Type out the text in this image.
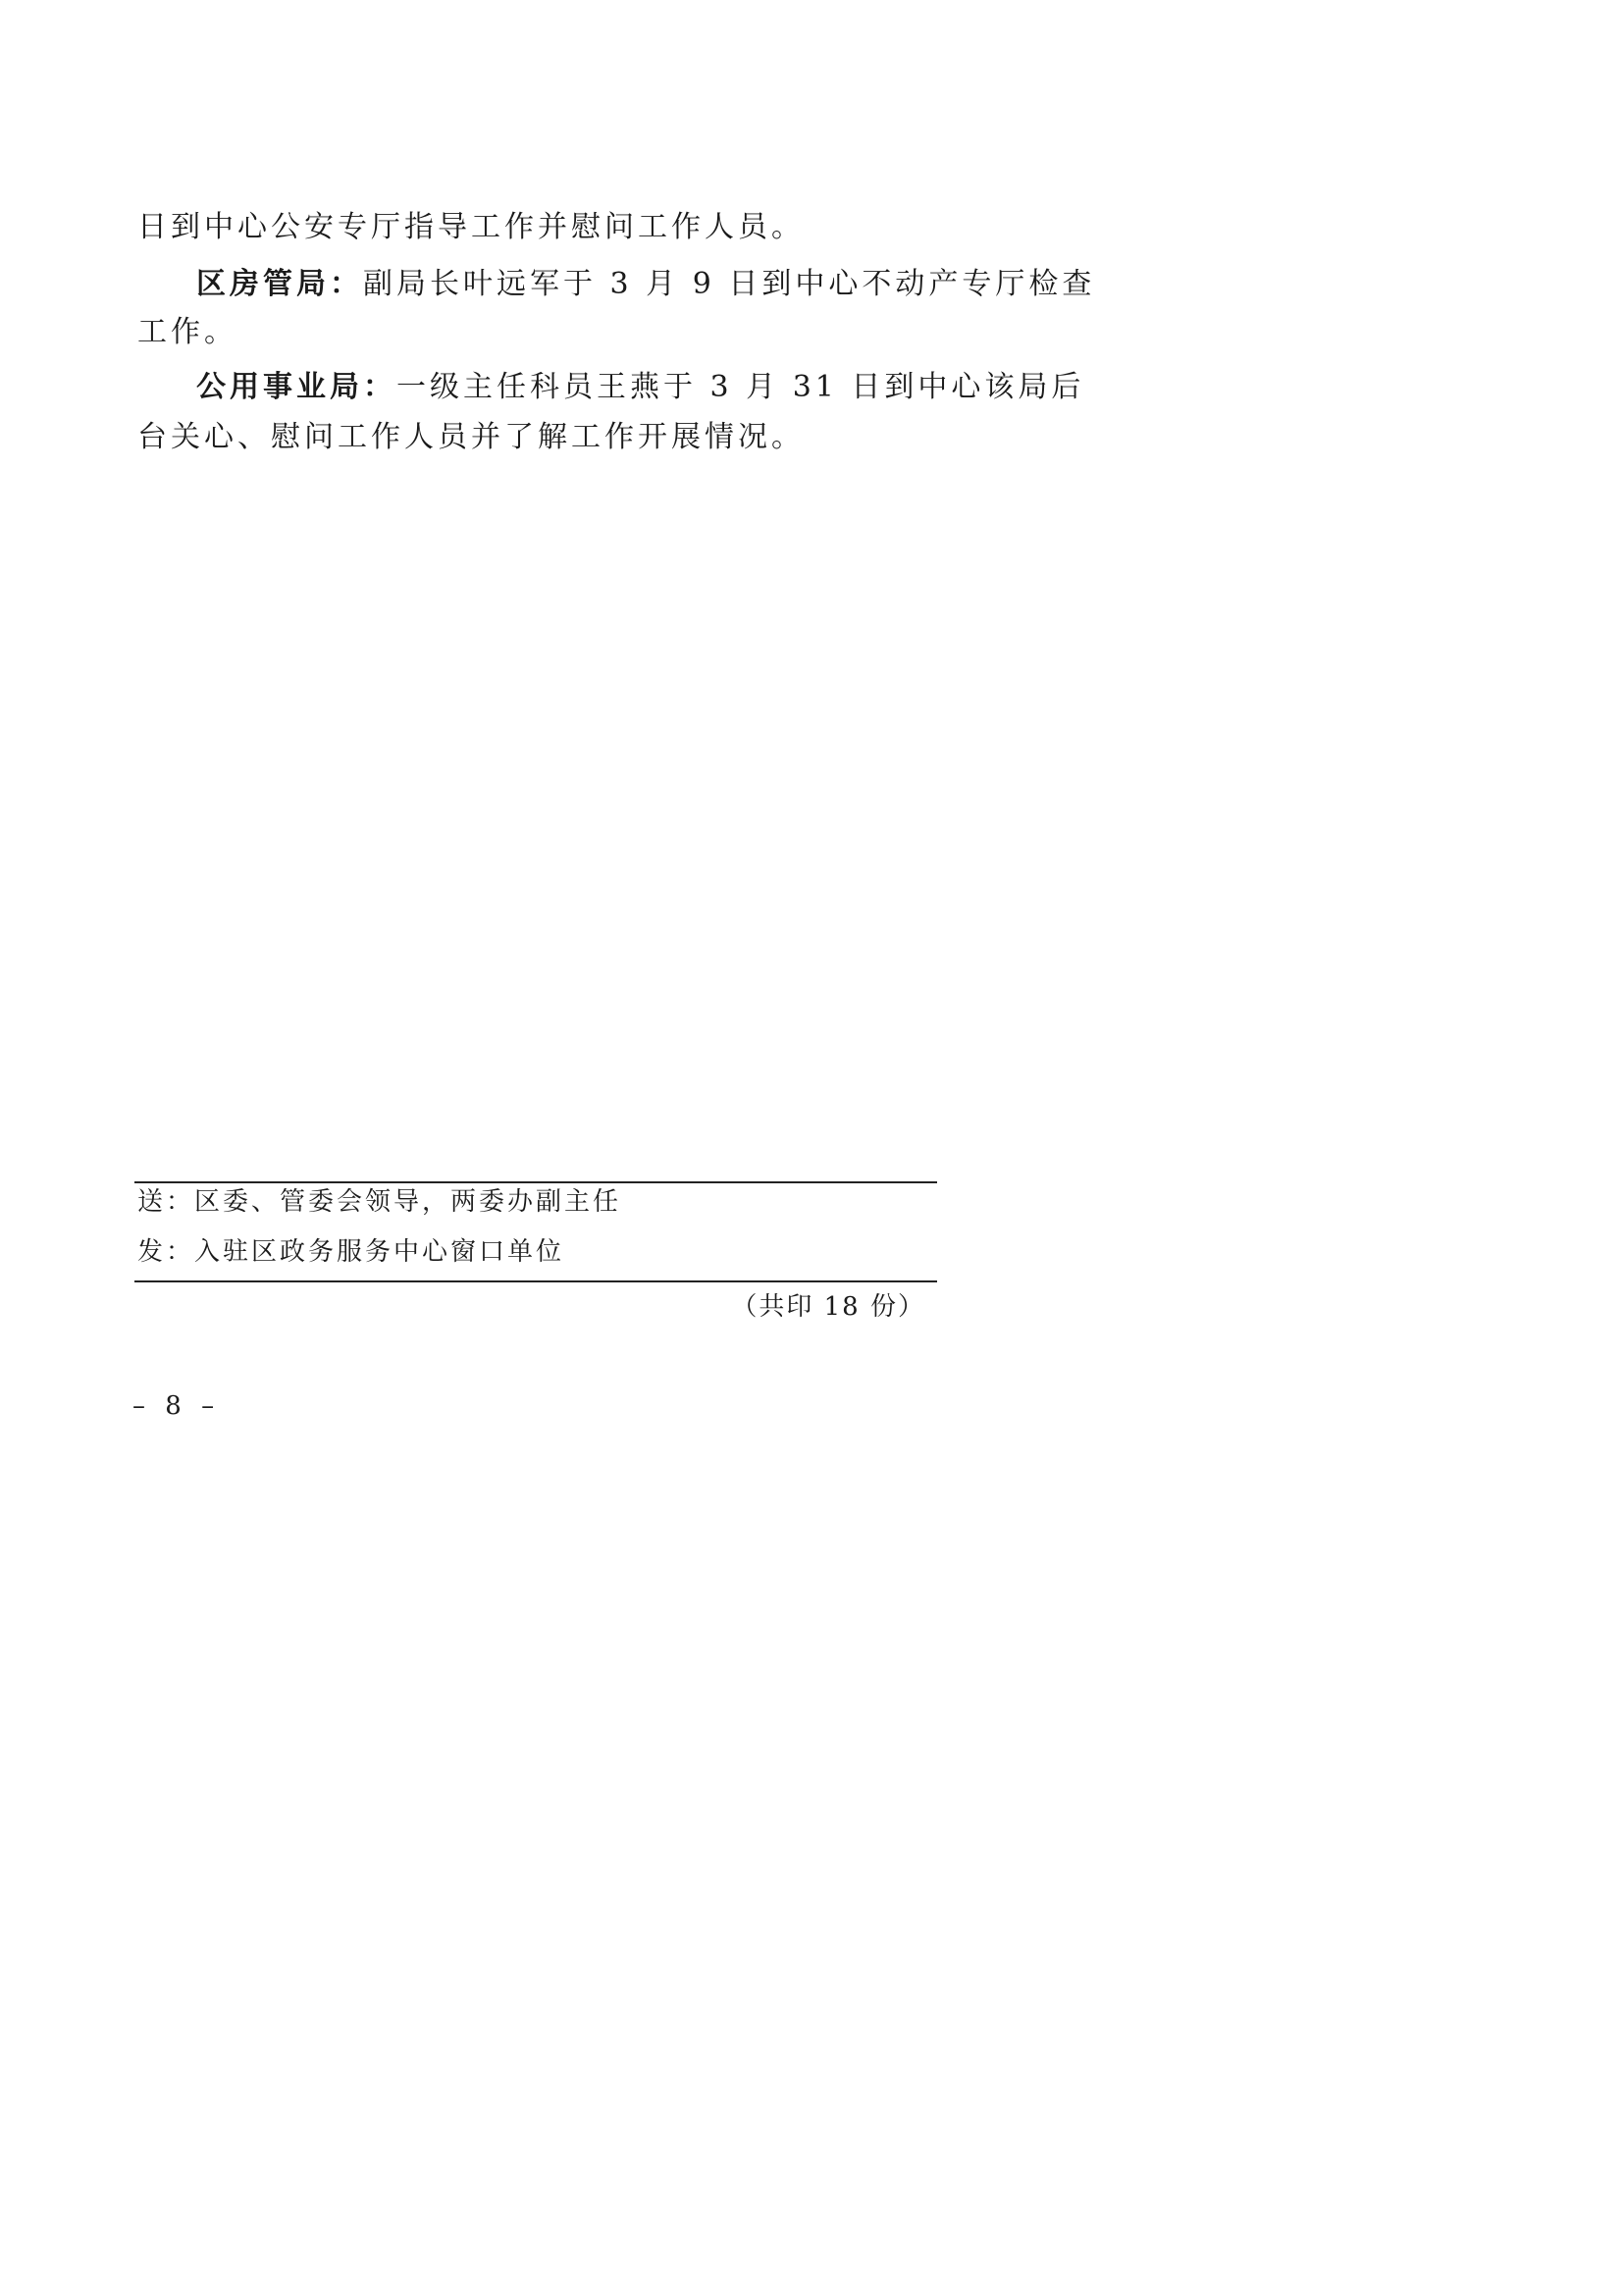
日到中心公安专厅指导工作并慰问工作人员。
区房管局：副局长叶远军于 3 月 9 日到中心不动产专厅检查
工作。
公用事业局：一级主任科员王燕于 3 月 31 日到中心该局后
台关心、慰问工作人员并了解工作开展情况。
送：区委、管委会领导，两委办副主任
发：入驻区政务服务中心窗口单位
（共印 18 份）
– 8 –
